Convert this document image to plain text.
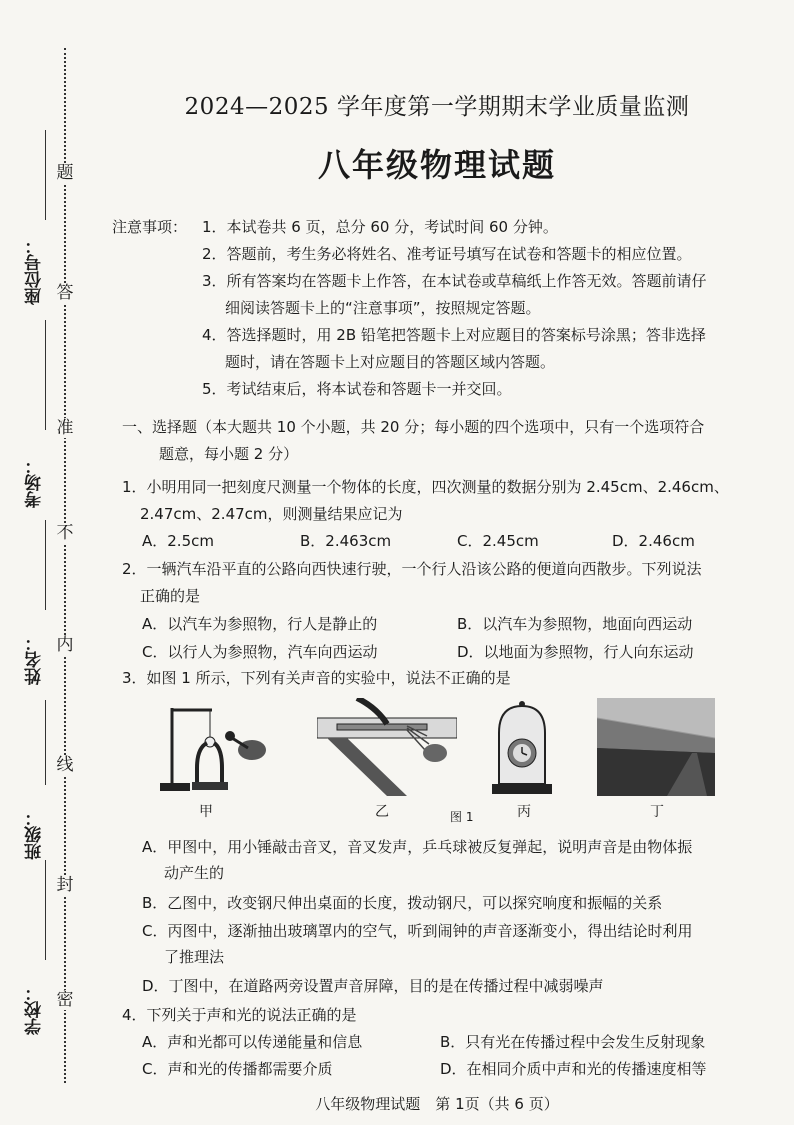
题
答
准
不
内
线
封
密
座位号：
考场：
姓名：
班级：
学校：
2024—2025 学年度第一学期期末学业质量监测
八年级物理试题
注意事项： 1．本试卷共 6 页，总分 60 分，考试时间 60 分钟。
2．答题前，考生务必将姓名、准考证号填写在试卷和答题卡的相应位置。
3．所有答案均在答题卡上作答，在本试卷或草稿纸上作答无效。答题前请仔
细阅读答题卡上的“注意事项”，按照规定答题。
4．答选择题时，用 2B 铅笔把答题卡上对应题目的答案标号涂黑；答非选择
题时，请在答题卡上对应题目的答题区域内答题。
5．考试结束后，将本试卷和答题卡一并交回。
一、选择题（本大题共 10 个小题，共 20 分；每小题的四个选项中，只有一个选项符合
题意，每小题 2 分）
1．小明用同一把刻度尺测量一个物体的长度，四次测量的数据分别为 2.45cm、2.46cm、
2.47cm、2.47cm，则测量结果应记为
A．2.5cm	B．2.463cm	C．2.45cm	D．2.46cm
2．一辆汽车沿平直的公路向西快速行驶，一个行人沿该公路的便道向西散步。下列说法
正确的是
A．以汽车为参照物，行人是静止的	B．以汽车为参照物，地面向西运动
C．以行人为参照物，汽车向西运动	D．以地面为参照物，行人向东运动
3．如图 1 所示，下列有关声音的实验中，说法不正确的是
甲	乙	图 1	丙	丁
A．甲图中，用小锤敲击音叉，音叉发声，乒乓球被反复弹起，说明声音是由物体振
动产生的
B．乙图中，改变钢尺伸出桌面的长度，拨动钢尺，可以探究响度和振幅的关系
C．丙图中，逐渐抽出玻璃罩内的空气，听到闹钟的声音逐渐变小，得出结论时利用
了推理法
D．丁图中，在道路两旁设置声音屏障，目的是在传播过程中减弱噪声
4．下列关于声和光的说法正确的是
A．声和光都可以传递能量和信息	B．只有光在传播过程中会发生反射现象
C．声和光的传播都需要介质	D．在相同介质中声和光的传播速度相等
八年级物理试题　第 1页（共 6 页）
